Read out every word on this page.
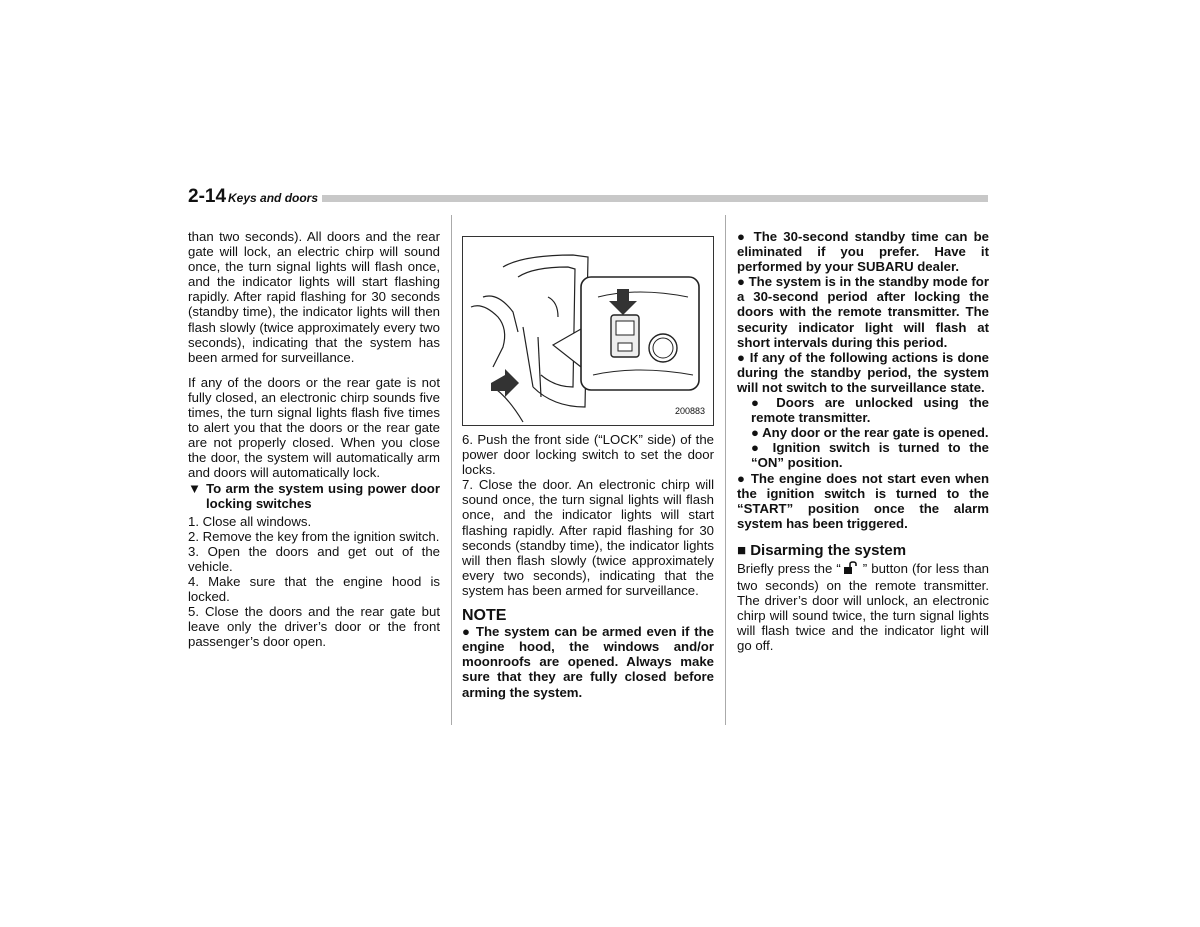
2-14 Keys and doors

than two seconds). All doors and the rear gate will lock, an electric chirp will sound once, the turn signal lights will flash once, and the indicator lights will start flashing rapidly. After rapid flashing for 30 seconds (standby time), the indicator lights will then flash slowly (twice approximately every two seconds), indicating that the system has been armed for surveillance.

If any of the doors or the rear gate is not fully closed, an electronic chirp sounds five times, the turn signal lights flash five times to alert you that the doors or the rear gate are not properly closed. When you close the door, the system will automatically arm and doors will automatically lock.

▼ To arm the system using power door locking switches

1. Close all windows.

2. Remove the key from the ignition switch.

3. Open the doors and get out of the vehicle.

4. Make sure that the engine hood is locked.

5. Close the doors and the rear gate but leave only the driver’s door or the front passenger’s door open.

200883

6. Push the front side (“LOCK” side) of the power door locking switch to set the door locks.

7. Close the door. An electronic chirp will sound once, the turn signal lights will flash once, and the indicator lights will start flashing rapidly. After rapid flashing for 30 seconds (standby time), the indicator lights will then flash slowly (twice approximately every two seconds), indicating that the system has been armed for surveillance.

NOTE

● The system can be armed even if the engine hood, the windows and/or moonroofs are opened. Always make sure that they are fully closed before arming the system.

● The 30-second standby time can be eliminated if you prefer. Have it performed by your SUBARU dealer.

● The system is in the standby mode for a 30-second period after locking the doors with the remote transmitter. The security indicator light will flash at short intervals during this period.

● If any of the following actions is done during the standby period, the system will not switch to the surveillance state.

● Doors are unlocked using the remote transmitter.

● Any door or the rear gate is opened.

● Ignition switch is turned to the “ON” position.

● The engine does not start even when the ignition switch is turned to the “START” position once the alarm system has been triggered.

■ Disarming the system

Briefly press the “ ” button (for less than two seconds) on the remote transmitter. The driver’s door will unlock, an electronic chirp will sound twice, the turn signal lights will flash twice and the indicator light will go off.
